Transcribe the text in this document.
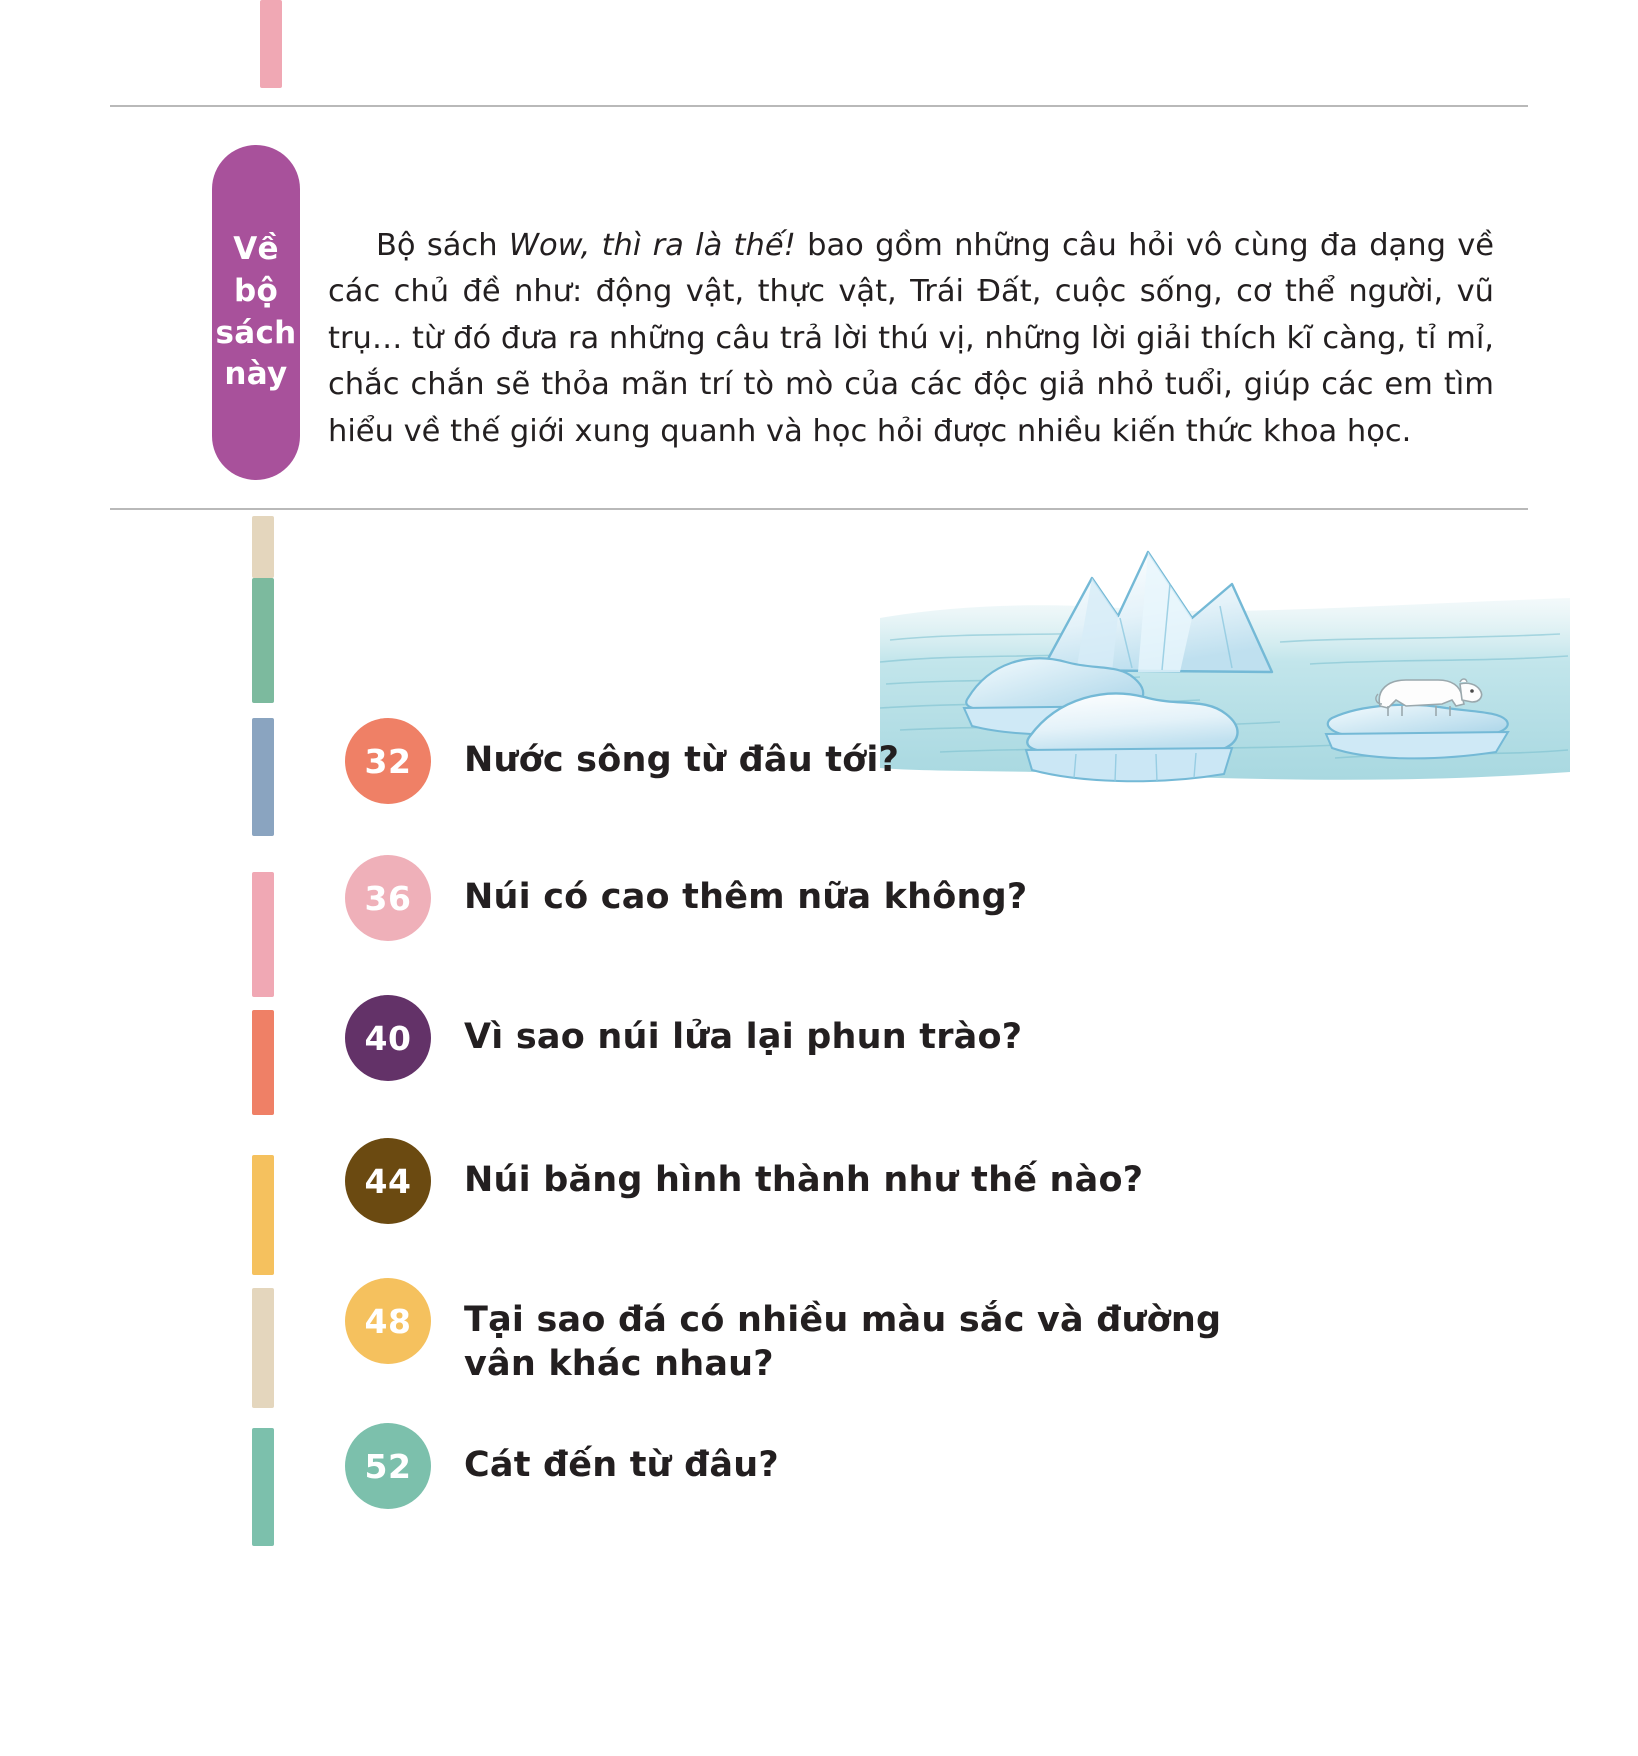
Về
bộ
sách
này

Bộ sách Wow, thì ra là thế! bao gồm những câu hỏi vô cùng đa dạng về các chủ đề như: động vật, thực vật, Trái Đất, cuộc sống, cơ thể người, vũ trụ… từ đó đưa ra những câu trả lời thú vị, những lời giải thích kĩ càng, tỉ mỉ, chắc chắn sẽ thỏa mãn trí tò mò của các độc giả nhỏ tuổi, giúp các em tìm hiểu về thế giới xung quanh và học hỏi được nhiều kiến thức khoa học.

32 Nước sông từ đâu tới?
36 Núi có cao thêm nữa không?
40 Vì sao núi lửa lại phun trào?
44 Núi băng hình thành như thế nào?
48 Tại sao đá có nhiều màu sắc và đường vân khác nhau?
52 Cát đến từ đâu?
